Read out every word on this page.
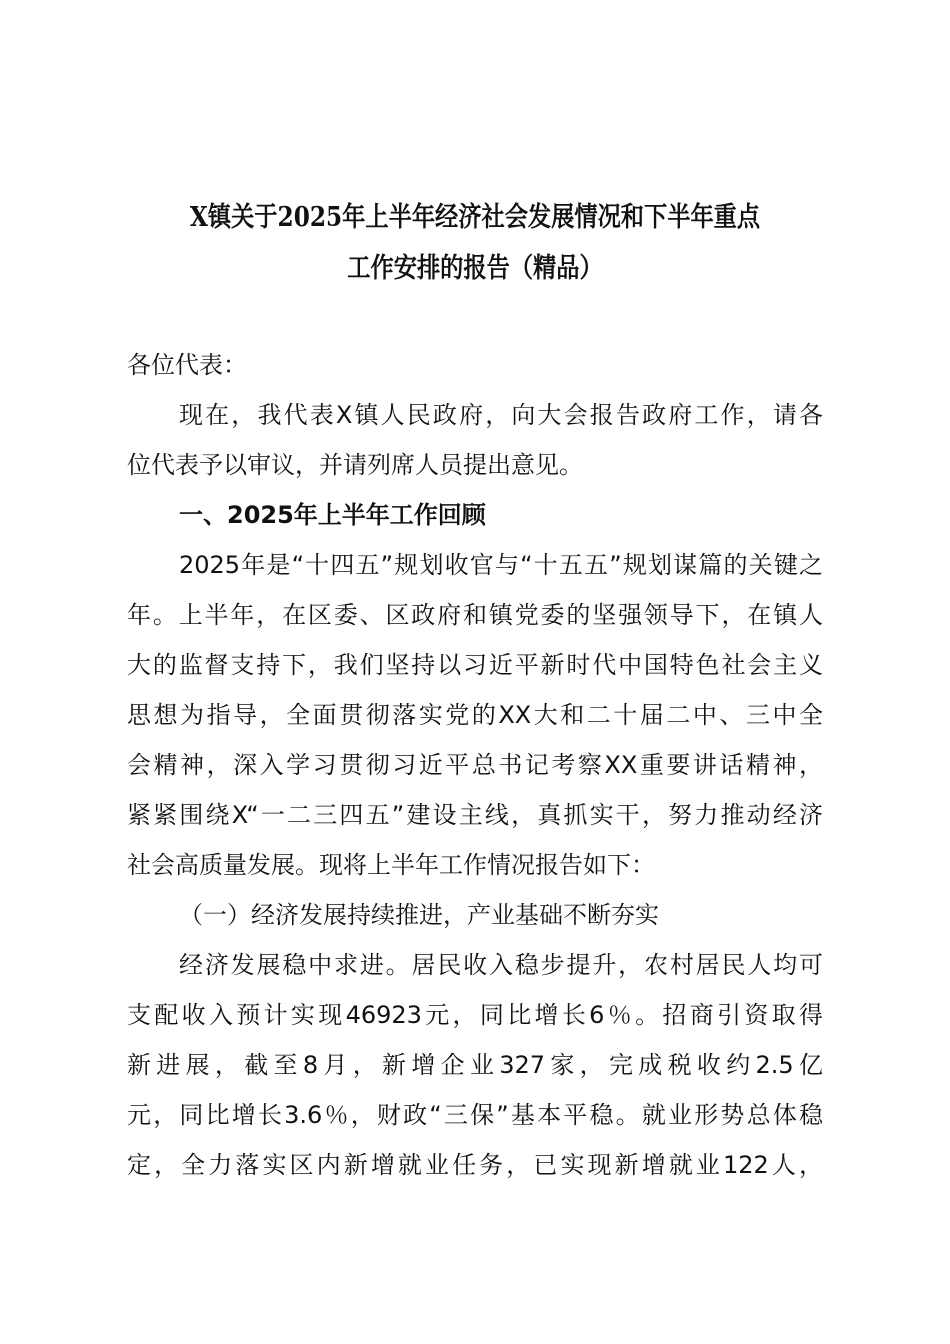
X镇关于2025年上半年经济社会发展情况和下半年重点
工作安排的报告（精品）
各位代表：
现在，我代表X镇人民政府，向大会报告政府工作，请各
位代表予以审议，并请列席人员提出意见。
一、2025年上半年工作回顾
2025年是“十四五”规划收官与“十五五”规划谋篇的关键之
年。上半年，在区委、区政府和镇党委的坚强领导下，在镇人
大的监督支持下，我们坚持以习近平新时代中国特色社会主义
思想为指导，全面贯彻落实党的XX大和二十届二中、三中全
会精神，深入学习贯彻习近平总书记考察XX重要讲话精神，
紧紧围绕X“一二三四五”建设主线，真抓实干，努力推动经济
社会高质量发展。现将上半年工作情况报告如下：
（一）经济发展持续推进，产业基础不断夯实
经济发展稳中求进。居民收入稳步提升，农村居民人均可
支配收入预计实现46923元，同比增长6％。招商引资取得
新进展，截至8月，新增企业327家，完成税收约2.5亿
元，同比增长3.6％，财政“三保”基本平稳。就业形势总体稳
定，全力落实区内新增就业任务，已实现新增就业122人，
